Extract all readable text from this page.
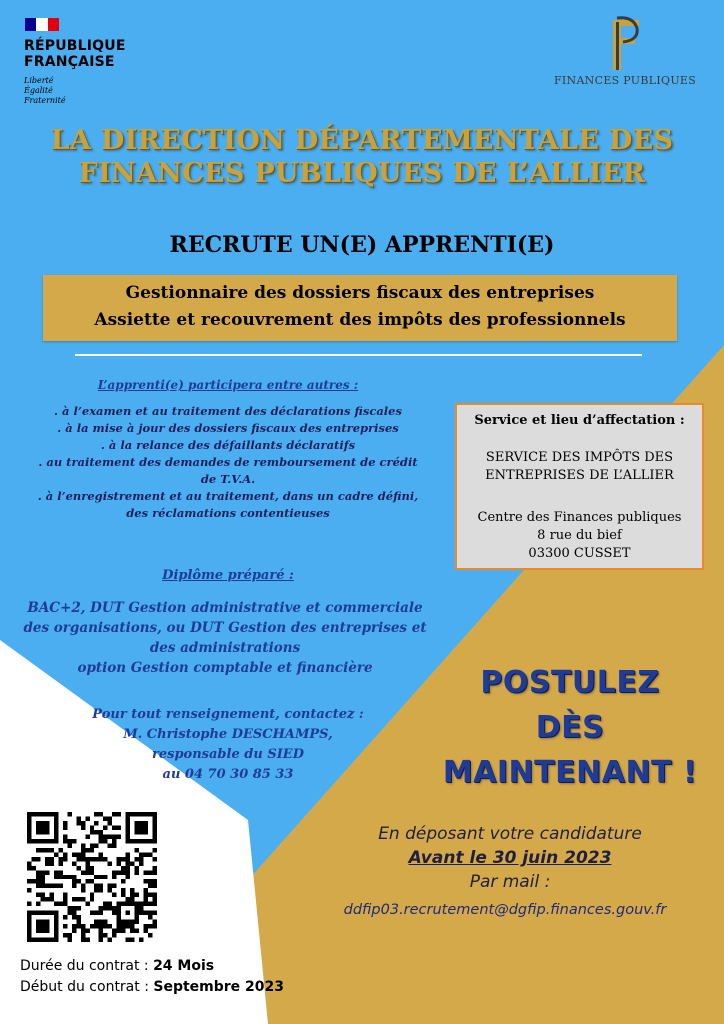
RÉPUBLIQUE
FRANÇAISE
Liberté
Égalité
Fraternité
FINANCES PUBLIQUES
LA DIRECTION DÉPARTEMENTALE DES
FINANCES PUBLIQUES DE L’ALLIER
RECRUTE UN(E) APPRENTI(E)
Gestionnaire des dossiers fiscaux des entreprises
Assiette et recouvrement des impôts des professionnels
L’apprenti(e) participera entre autres :
. à l’examen et au traitement des déclarations fiscales
. à la mise à jour des dossiers fiscaux des entreprises
. à la relance des défaillants déclaratifs
. au traitement des demandes de remboursement de crédit
de T.V.A.
. à l’enregistrement et au traitement, dans un cadre défini,
des réclamations contentieuses
Diplôme préparé :
BAC+2, DUT Gestion administrative et commerciale
des organisations, ou DUT Gestion des entreprises et
des administrations
option Gestion comptable et financière
Pour tout renseignement, contactez :
M. Christophe DESCHAMPS,
responsable du SIED
au 04 70 30 85 33
Service et lieu d’affectation :
SERVICE DES IMPÔTS DES
ENTREPRISES DE L’ALLIER
Centre des Finances publiques
8 rue du bief
03300 CUSSET
POSTULEZ
DÈS
MAINTENANT !
En déposant votre candidature
Avant le 30 juin 2023
Par mail :
ddfip03.recrutement@dgfip.finances.gouv.fr
Durée du contrat : 24 Mois
Début du contrat : Septembre 2023
